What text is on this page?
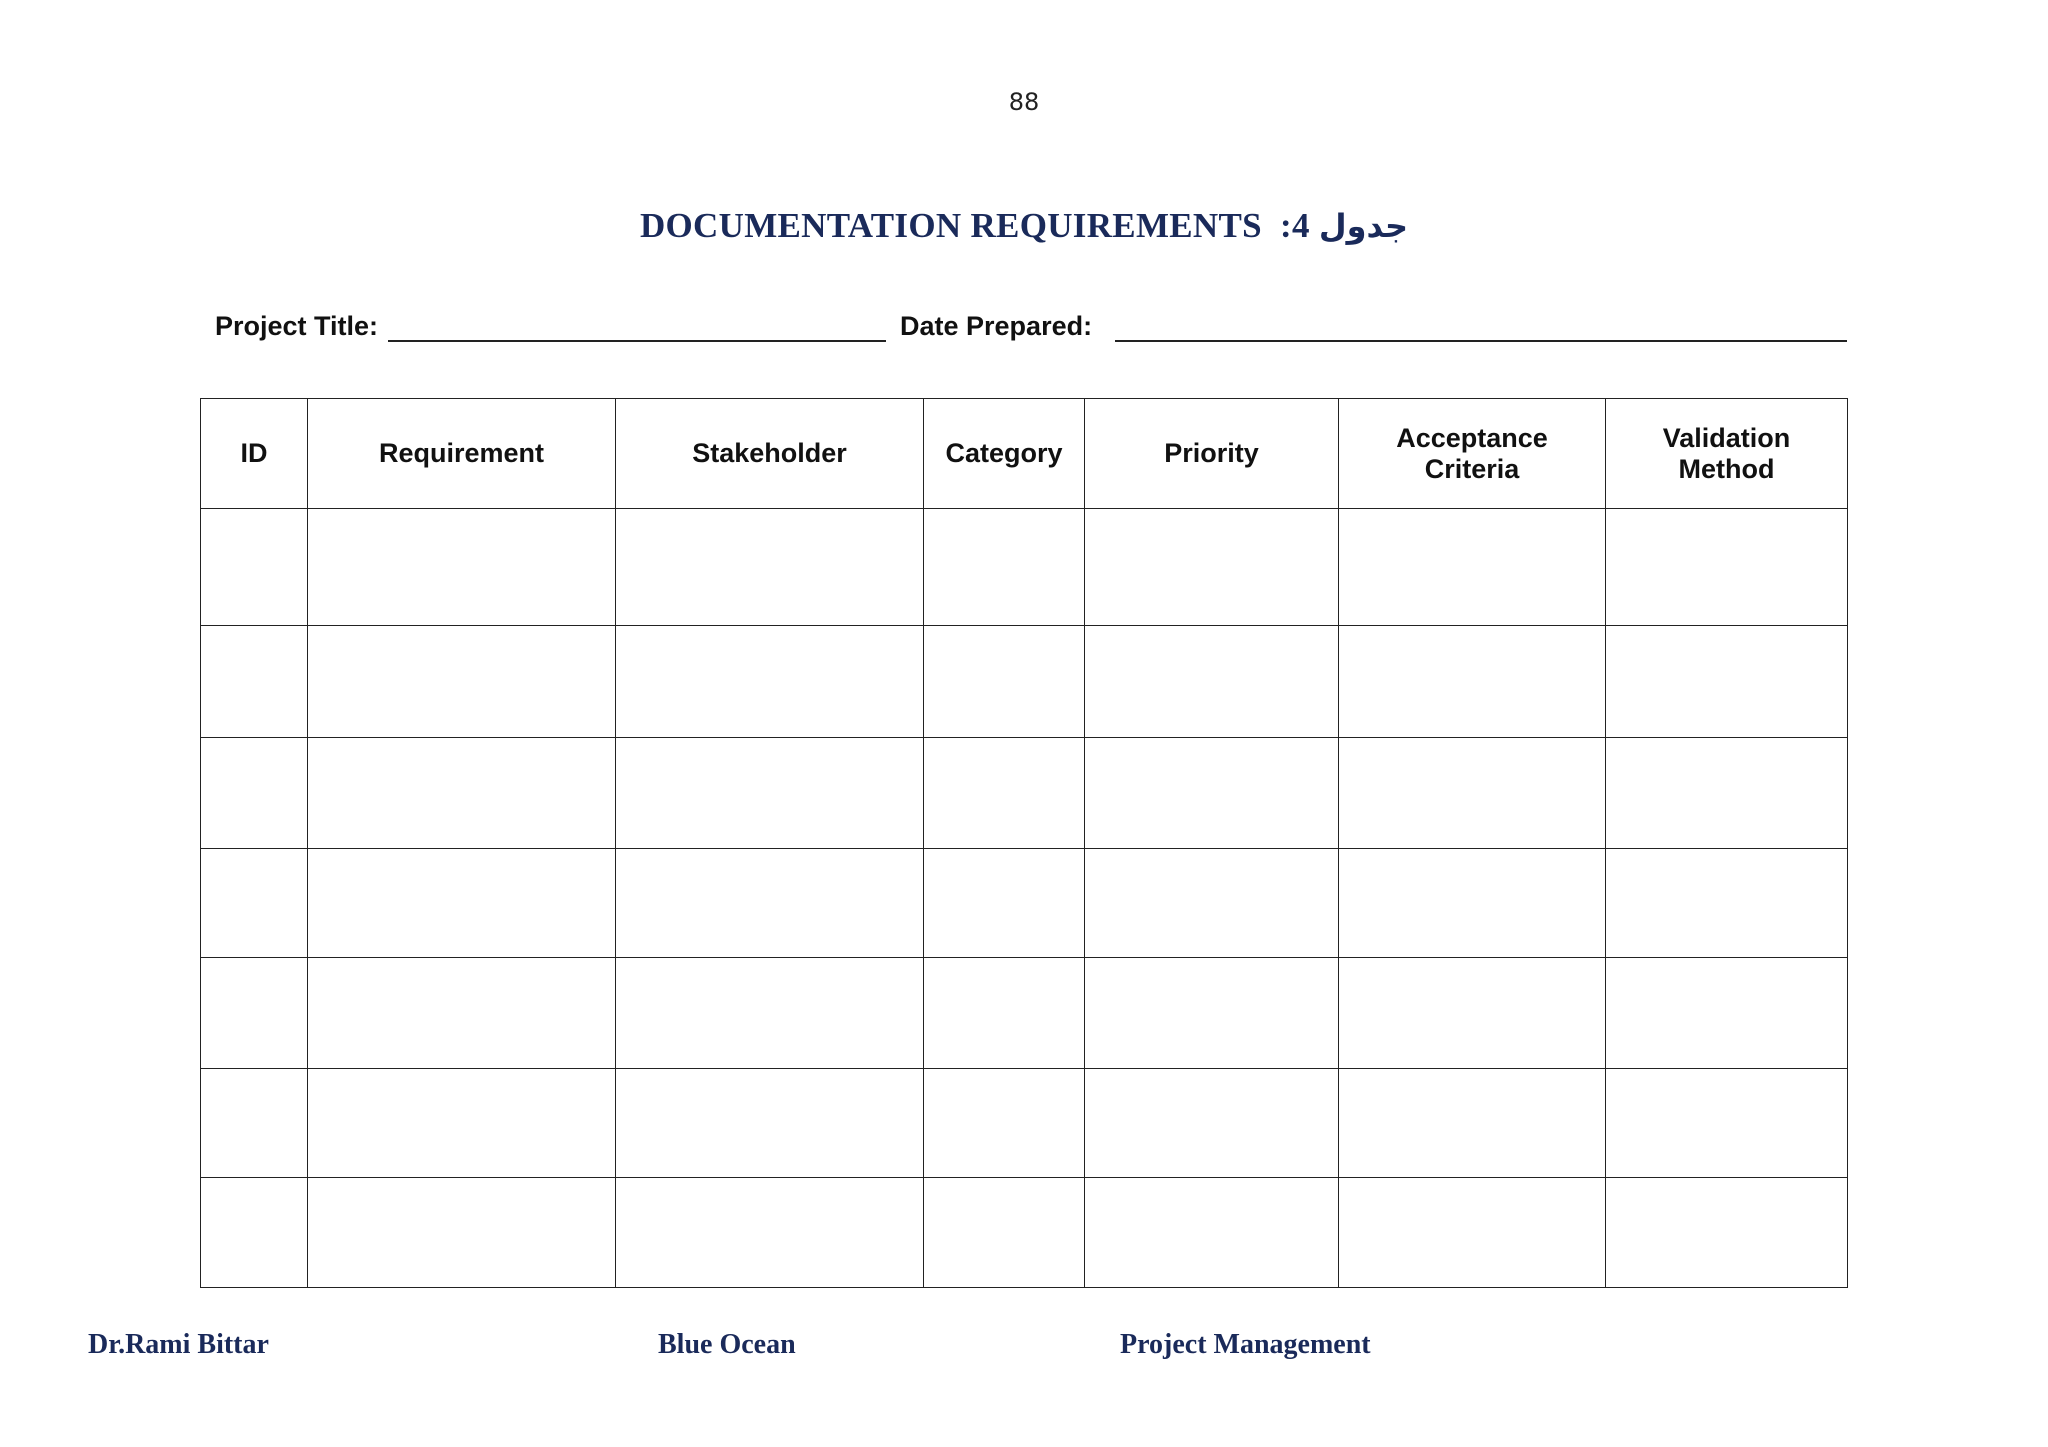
88
DOCUMENTATION REQUIREMENTS :4 جدول
Project Title:	Date Prepared:
ID	Requirement	Stakeholder	Category	Priority	Acceptance Criteria	Validation Method

Dr.Rami Bittar	Blue Ocean	Project Management
